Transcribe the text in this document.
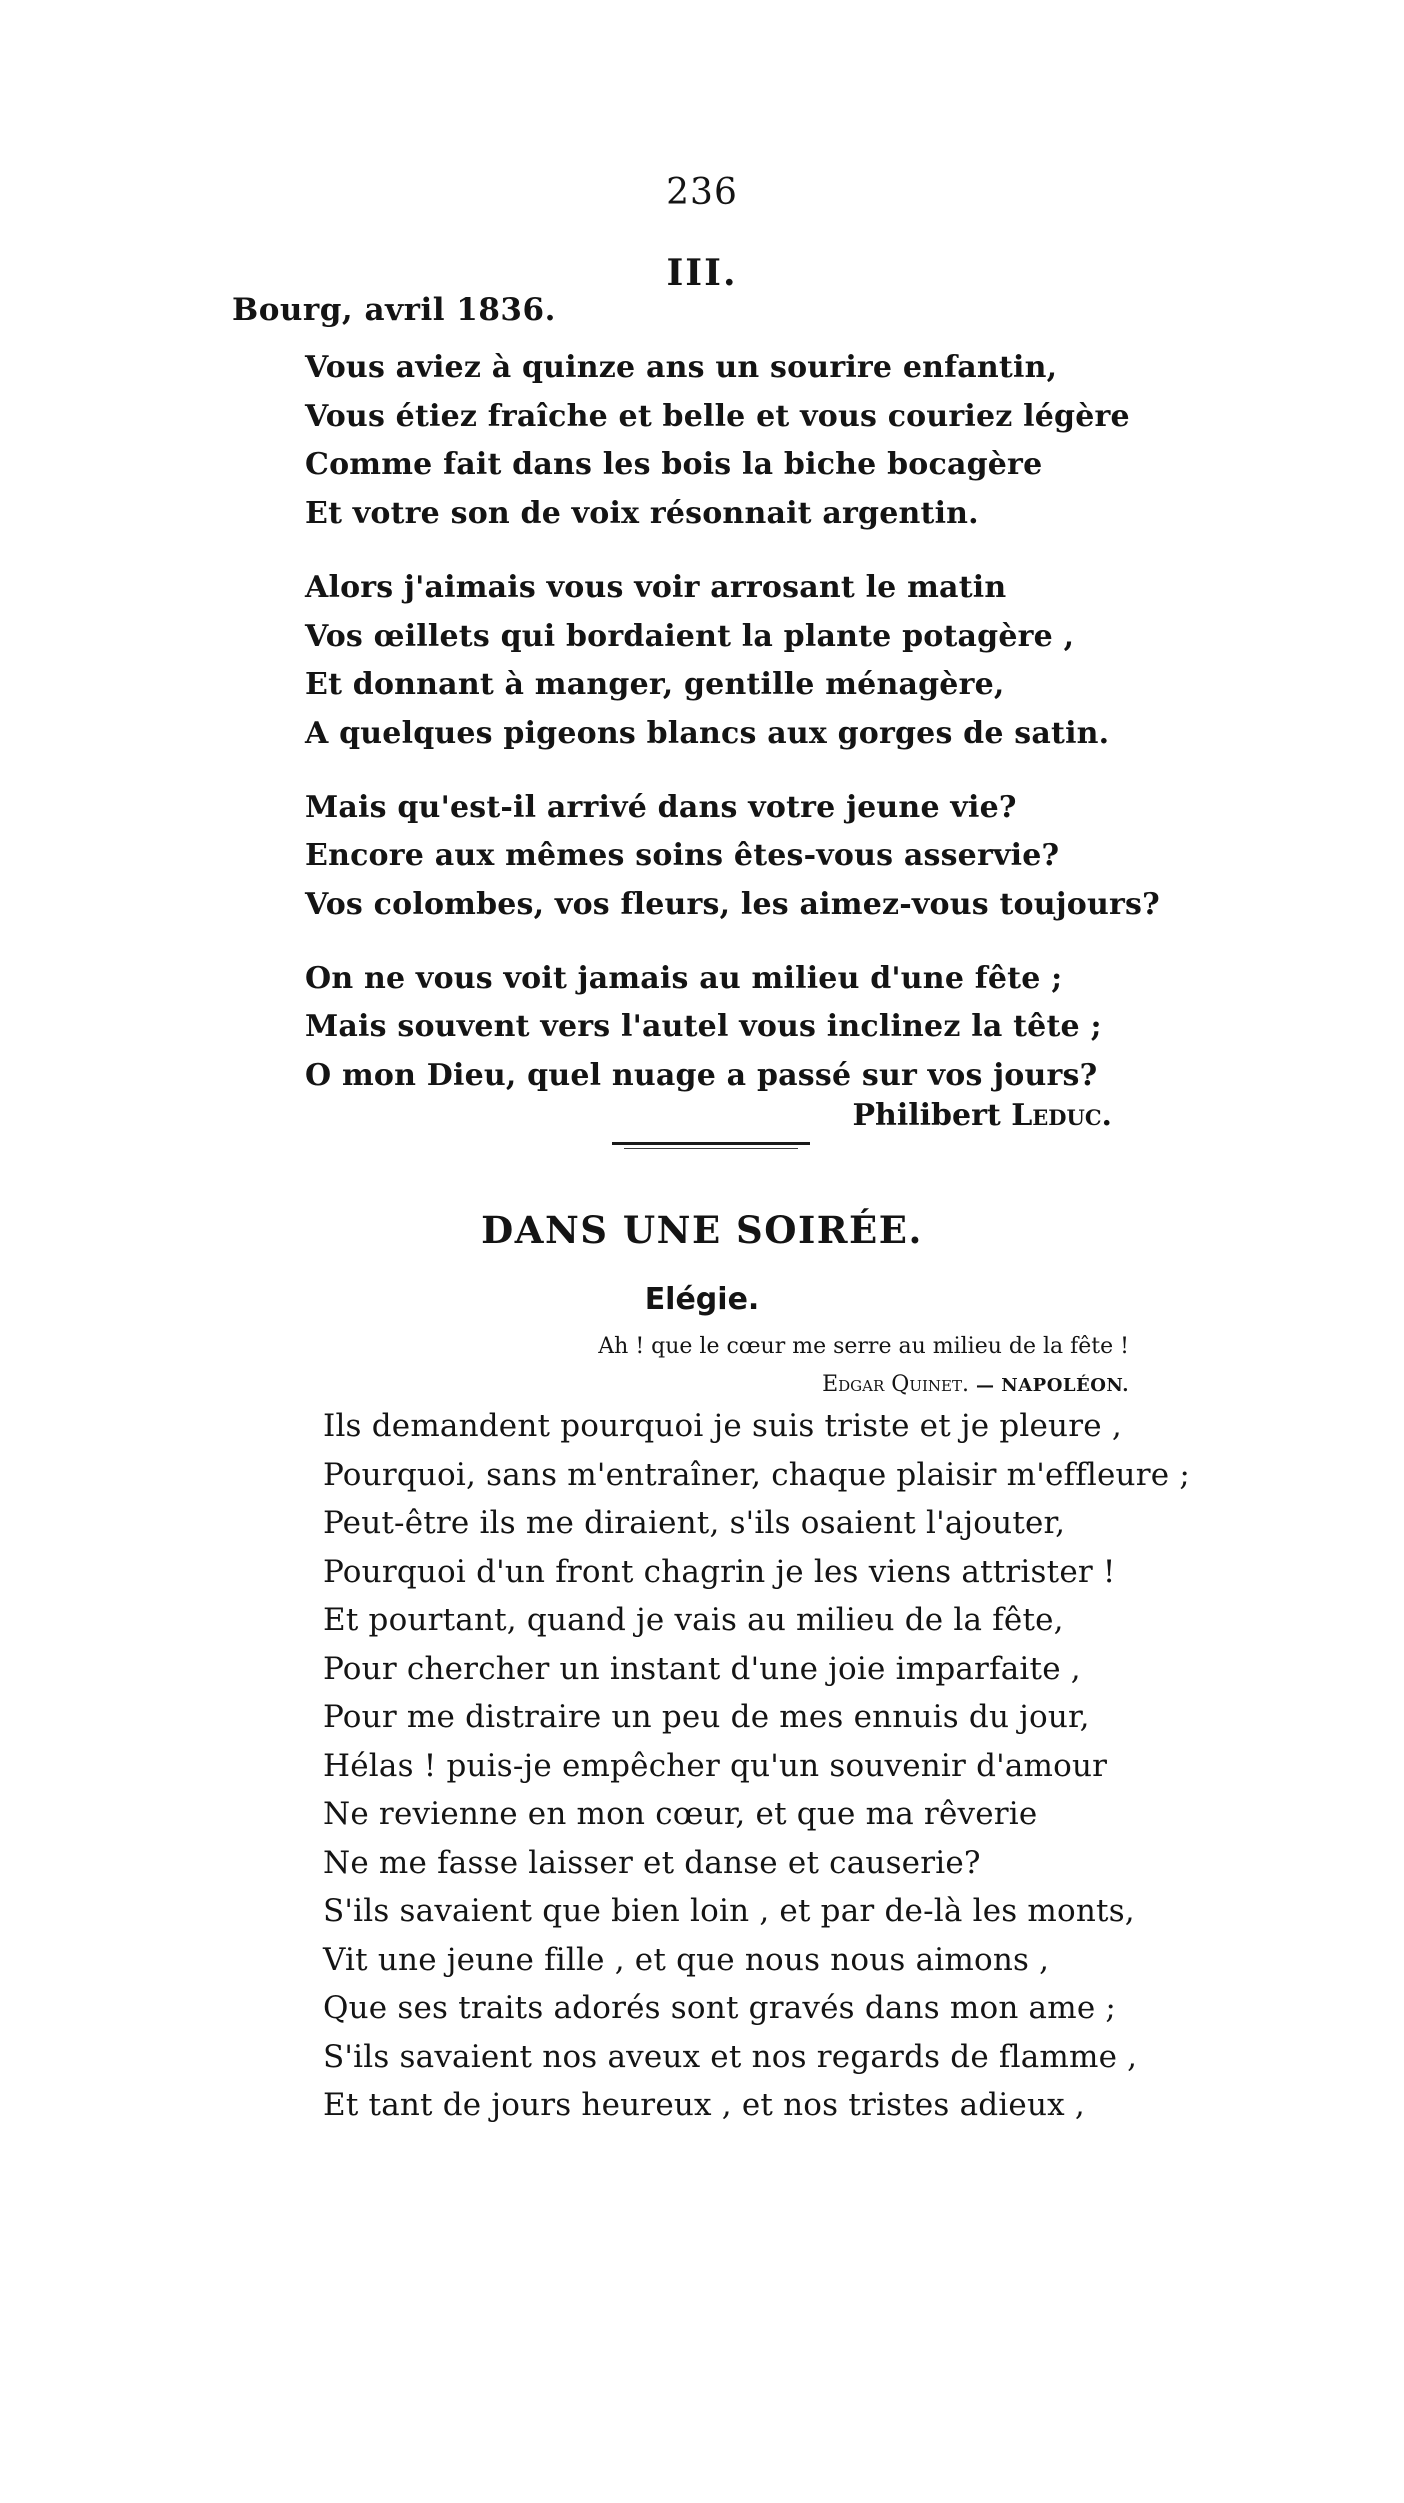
236
III.
Bourg, avril 1836.
Vous aviez à quinze ans un sourire enfantin,
Vous étiez fraîche et belle et vous couriez légère
Comme fait dans les bois la biche bocagère
Et votre son de voix résonnait argentin.
Alors j'aimais vous voir arrosant le matin
Vos œillets qui bordaient la plante potagère ,
Et donnant à manger, gentille ménagère,
A quelques pigeons blancs aux gorges de satin.
Mais qu'est-il arrivé dans votre jeune vie?
Encore aux mêmes soins êtes-vous asservie?
Vos colombes, vos fleurs, les aimez-vous toujours?
On ne vous voit jamais au milieu d'une fête ;
Mais souvent vers l'autel vous inclinez la tête ;
O mon Dieu, quel nuage a passé sur vos jours?
Philibert Leduc.
DANS UNE SOIRÉE.
Elégie.
Ah ! que le cœur me serre au milieu de la fête !
Edgar Quinet. — NAPOLÉON.
Ils demandent pourquoi je suis triste et je pleure ,
Pourquoi, sans m'entraîner, chaque plaisir m'effleure ;
Peut-être ils me diraient, s'ils osaient l'ajouter,
Pourquoi d'un front chagrin je les viens attrister !
Et pourtant, quand je vais au milieu de la fête,
Pour chercher un instant d'une joie imparfaite ,
Pour me distraire un peu de mes ennuis du jour,
Hélas ! puis-je empêcher qu'un souvenir d'amour
Ne revienne en mon cœur, et que ma rêverie
Ne me fasse laisser et danse et causerie?
S'ils savaient que bien loin , et par de-là les monts,
Vit une jeune fille , et que nous nous aimons ,
Que ses traits adorés sont gravés dans mon ame ;
S'ils savaient nos aveux et nos regards de flamme ,
Et tant de jours heureux , et nos tristes adieux ,
